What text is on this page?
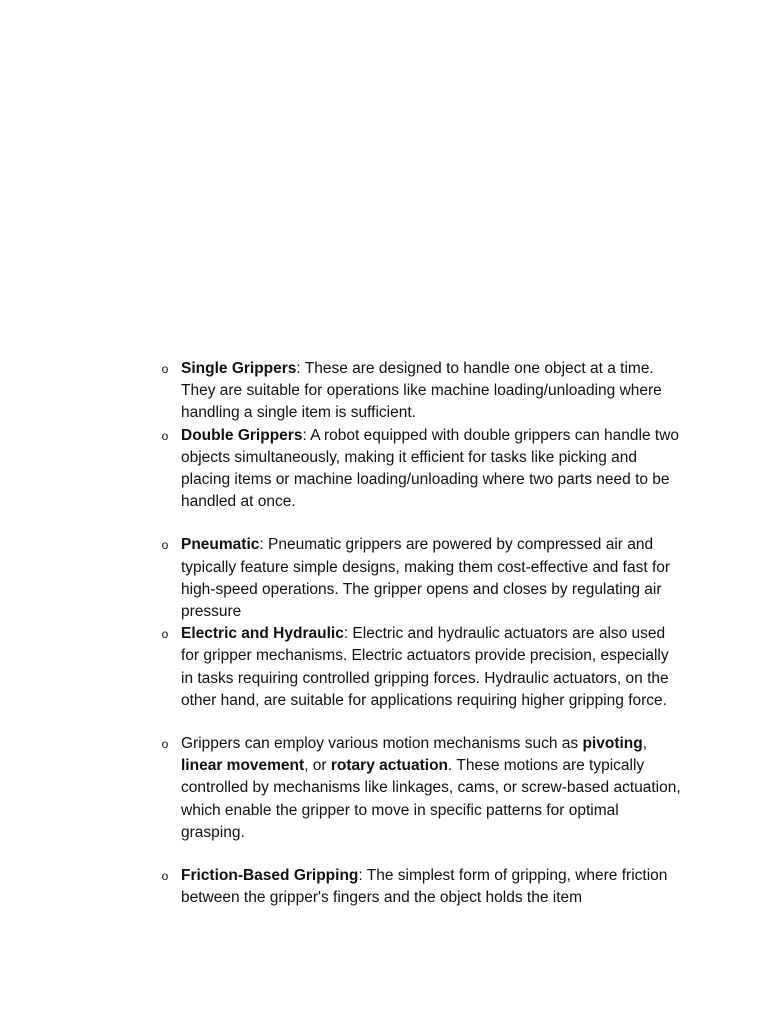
o Single Grippers: These are designed to handle one object at a time. They are suitable for operations like machine loading/unloading where handling a single item is sufficient.

o Double Grippers: A robot equipped with double grippers can handle two objects simultaneously, making it efficient for tasks like picking and placing items or machine loading/unloading where two parts need to be handled at once.

o Pneumatic: Pneumatic grippers are powered by compressed air and typically feature simple designs, making them cost-effective and fast for high-speed operations. The gripper opens and closes by regulating air pressure

o Electric and Hydraulic: Electric and hydraulic actuators are also used for gripper mechanisms. Electric actuators provide precision, especially in tasks requiring controlled gripping forces. Hydraulic actuators, on the other hand, are suitable for applications requiring higher gripping force.

o Grippers can employ various motion mechanisms such as pivoting, linear movement, or rotary actuation. These motions are typically controlled by mechanisms like linkages, cams, or screw-based actuation, which enable the gripper to move in specific patterns for optimal grasping.

o Friction-Based Gripping: The simplest form of gripping, where friction between the gripper's fingers and the object holds the item
